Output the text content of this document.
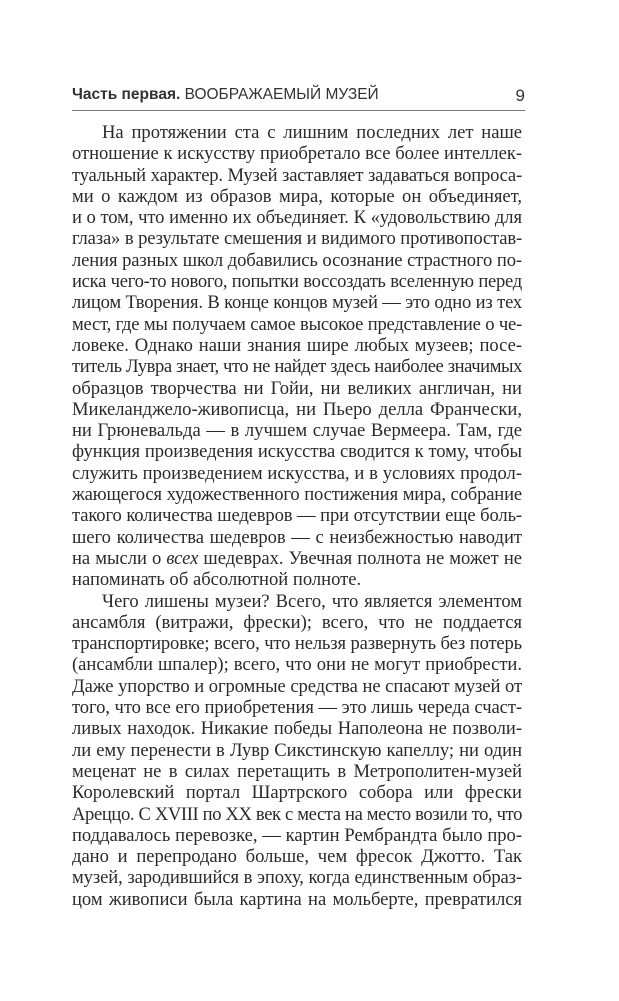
Часть первая. ВООБРАЖАЕМЫЙ МУЗЕЙ	9
На протяжении ста с лишним последних лет наше
отношение к искусству приобретало все более интеллек-
туальный характер. Музей заставляет задаваться вопроса-
ми о каждом из образов мира, которые он объединяет,
и о том, что именно их объединяет. К «удовольствию для
глаза» в результате смешения и видимого противопостав-
ления разных школ добавились осознание страстного по-
иска чего-то нового, попытки воссоздать вселенную перед
лицом Творения. В конце концов музей — это одно из тех
мест, где мы получаем самое высокое представление о че-
ловеке. Однако наши знания шире любых музеев; посе-
титель Лувра знает, что не найдет здесь наиболее значимых
образцов творчества ни Гойи, ни великих англичан, ни
Микеланджело-живописца, ни Пьеро делла Франчески,
ни Грюневальда — в лучшем случае Вермеера. Там, где
функция произведения искусства сводится к тому, чтобы
служить произведением искусства, и в условиях продол-
жающегося художественного постижения мира, собрание
такого количества шедевров — при отсутствии еще боль-
шего количества шедевров — с неизбежностью наводит
на мысли о всех шедеврах. Увечная полнота не может не
напоминать об абсолютной полноте.
Чего лишены музеи? Всего, что является элементом
ансамбля (витражи, фрески); всего, что не поддается
транспортировке; всего, что нельзя развернуть без потерь
(ансамбли шпалер); всего, что они не могут приобрести.
Даже упорство и огромные средства не спасают музей от
того, что все его приобретения — это лишь череда счаст-
ливых находок. Никакие победы Наполеона не позволи-
ли ему перенести в Лувр Сикстинскую капеллу; ни один
меценат не в силах перетащить в Метрополитен-музей
Королевский портал Шартрского собора или фрески
Ареццо. С XVIII по XX век с места на место возили то, что
поддавалось перевозке, — картин Рембрандта было про-
дано и перепродано больше, чем фресок Джотто. Так
музей, зародившийся в эпоху, когда единственным образ-
цом живописи была картина на мольберте, превратился
